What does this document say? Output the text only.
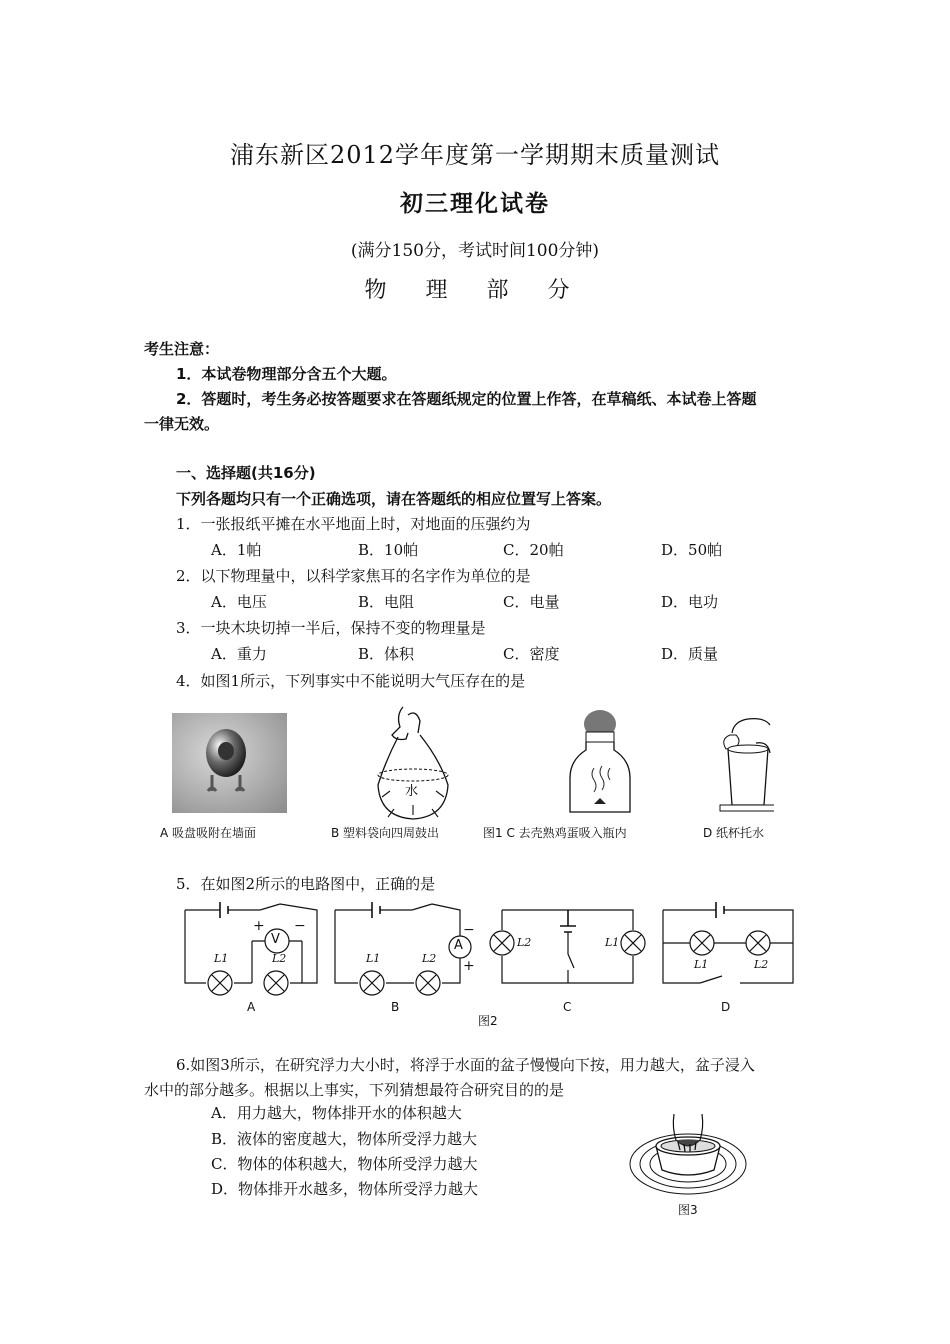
浦东新区2012学年度第一学期期末质量测试
初三理化试卷
(满分150分，考试时间100分钟)
物 理 部 分
考生注意：
1．本试卷物理部分含五个大题。
2．答题时，考生务必按答题要求在答题纸规定的位置上作答，在草稿纸、本试卷上答题
一律无效。
一、选择题(共16分)
下列各题均只有一个正确选项，请在答题纸的相应位置写上答案。
1．一张报纸平摊在水平地面上时，对地面的压强约为
A．1帕	B．10帕	C．20帕	D．50帕
2．以下物理量中，以科学家焦耳的名字作为单位的是
A．电压	B．电阻	C．电量	D．电功
3．一块木块切掉一半后，保持不变的物理量是
A．重力	B．体积	C．密度	D．质量
4．如图1所示，下列事实中不能说明大气压存在的是
水
A 吸盘吸附在墙面	B 塑料袋向四周鼓出	图1 C 去壳熟鸡蛋吸入瓶内	D 纸杯托水
5．在如图2所示的电路图中，正确的是
V
+ −
A
−
+
L1	L2	L1	L2
L2	L1
L1	L2
A	B	C	D
图2
6.如图3所示，在研究浮力大小时，将浮于水面的盆子慢慢向下按，用力越大，盆子浸入
水中的部分越多。根据以上事实，下列猜想最符合研究目的的是
A．用力越大，物体排开水的体积越大
B．液体的密度越大，物体所受浮力越大
C．物体的体积越大，物体所受浮力越大
D．物体排开水越多，物体所受浮力越大
图3
